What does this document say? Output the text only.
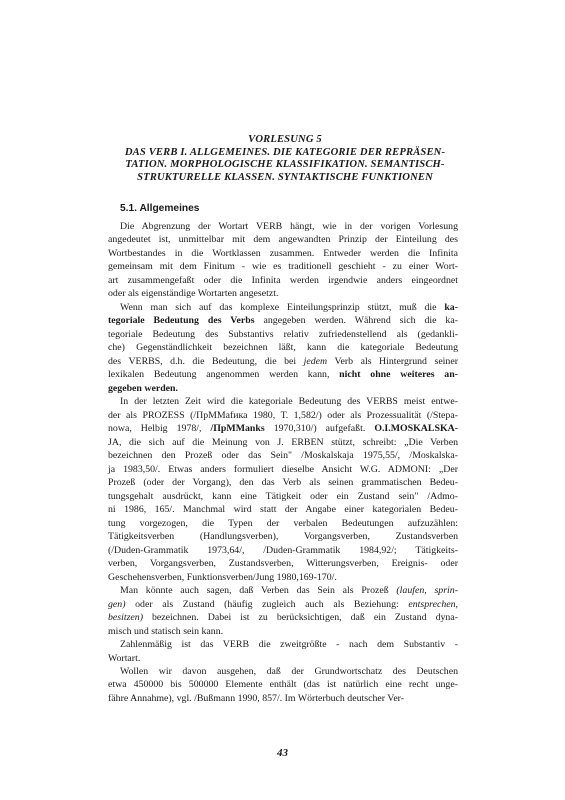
VORLESUNG 5
DAS VERB I. ALLGEMEINES. DIE KATEGORIE DER REPRÄSEN-
TATION. MORPHOLOGISCHE KLASSIFIKATION. SEMANTISCH-
STRUKTURELLE KLASSEN. SYNTAKTISCHE FUNKTIONEN
5.1. Allgemeines
Die Abgrenzung der Wortart VERB hängt, wie in der vorigen Vorlesung
angedeutet ist, unmittelbar mit dem angewandten Prinzip der Einteilung des
Wortbestandes in die Wortklassen zusammen. Entweder werden die Infinita
gemeinsam mit dem Finitum - wie es traditionell geschieht - zu einer Wort-
art zusammengefaßt oder die Infinita werden irgendwie anders eingeordnet
oder als eigenständige Wortarten angesetzt.
Wenn man sich auf das komplexe Einteilungsprinzip stützt, muß die ka-
tegoriale Bedeutung des Verbs angegeben werden. Während sich die ka-
tegoriale Bedeutung des Substantivs relativ zufriedenstellend als (gedankli-
che) Gegenständlichkeit bezeichnen läßt, kann die kategoriale Bedeutung
des VERBS, d.h. die Bedeutung, die bei jedem Verb als Hintergrund seiner
lexikalen Bedeutung angenommen werden kann, nicht ohne weiteres an-
gegeben werden.
In der letzten Zeit wird die kategoriale Bedeutung des VERBS meist entwe-
der als PROZESS (/ПрММаfика 1980, Т. 1,582/) oder als Prozessualität (/Stepa-
nowa, Helbig 1978/, /ПрММаnks 1970,310/) aufgefaßt. O.I.MOSKALSKA-
JA, die sich auf die Meinung von J. ERBEN stützt, schreibt: „Die Verben
bezeichnen den Prozeß oder das Sein" /Moskalskaja 1975,55/, /Moskalska-
ja 1983,50/. Etwas anders formuliert dieselbe Ansicht W.G. ADMONI: „Der
Prozeß (oder der Vorgang), den das Verb als seinen grammatischen Bedeu-
tungsgehalt ausdrückt, kann eine Tätigkeit oder ein Zustand sein" /Admo-
ni 1986, 165/. Manchmal wird statt der Angabe einer kategorialen Bedeu-
tung vorgezogen, die Typen der verbalen Bedeutungen aufzuzählen:
Tätigkeitsverben (Handlungsverben), Vorgangsverben, Zustandsverben
(/Duden-Grammatik 1973,64/, /Duden-Grammatik 1984,92/; Tätigkeits-
verben, Vorgangsverben, Zustandsverben, Witterungsverben, Ereignis- oder
Geschehensverben, Funktionsverben/Jung 1980,169-170/.
Man könnte auch sagen, daß Verben das Sein als Prozeß (laufen, sprin-
gen) oder als Zustand (häufig zugleich auch als Beziehung: entsprechen,
besitzen) bezeichnen. Dabei ist zu berücksichtigen, daß ein Zustand dyna-
misch und statisch sein kann.
Zahlenmäßig ist das VERB die zweitgrößte - nach dem Substantiv -
Wortart.
Wollen wir davon ausgehen, daß der Grundwortschatz des Deutschen
etwa 450000 bis 500000 Elemente enthält (das ist natürlich eine recht unge-
fähre Annahme), vgl. /Bußmann 1990, 857/. Im Wörterbuch deutscher Ver-
43
